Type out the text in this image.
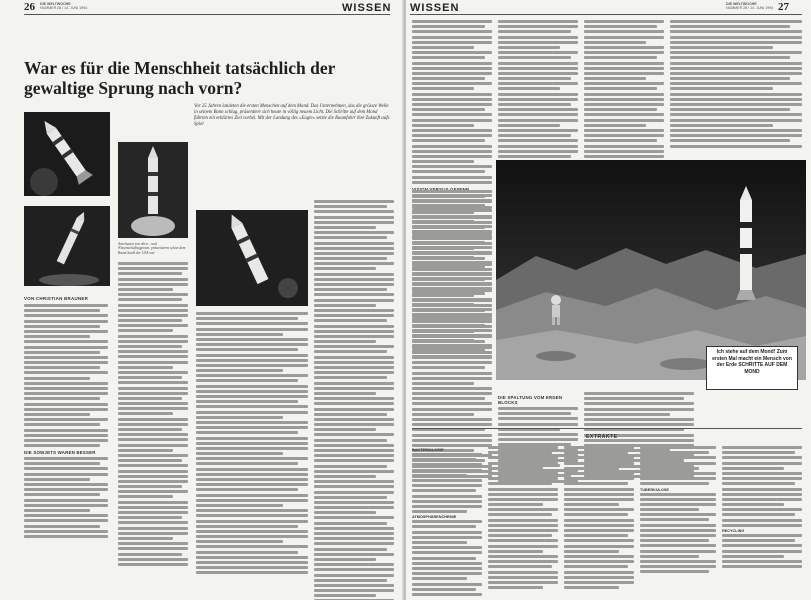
26 DIE WELTWOCHE
NUMMER 28 / 14. JUNI 1994	WISSEN
War es für die Menschheit tatsächlich der gewaltige Sprung nach vorn?
Vor 25 Jahren landeten die ersten Menschen auf dem Mond. Das Unternehmen, das die grösste Welle in seinem Bann schlug, präsentiert sich heute in völlig neuem Licht. Die Schritte auf dem Mond führten ein erklärtes Ziel vorbei. Mit der Landung des «Eagle» setzte die Raumfahrt ihre Zukunft aufs Spiel
VON CHRISTIAN BRAUNER
DIE SOWJETS WAREN BESSER
Anschauen von oben – und Wissenschaftsagenten, präsentieren schon dem Raum Sucht der USA war
WISSEN	DIE WELTWOCHE
NUMMER 28 / 14. JUNI 1994 27
Ich stehe auf dem Mond! Zum ersten Mal macht ein Mensch von der Erde SCHRITTE AUF DEM MOND
DIE SPALTUNG VOM ERDEN BLOCKS
EXTRAKTE
BAKTERIOLOGIE
ATMOSPHÄRENCHEMIE
TUBERKULOSE
RECYCLING
